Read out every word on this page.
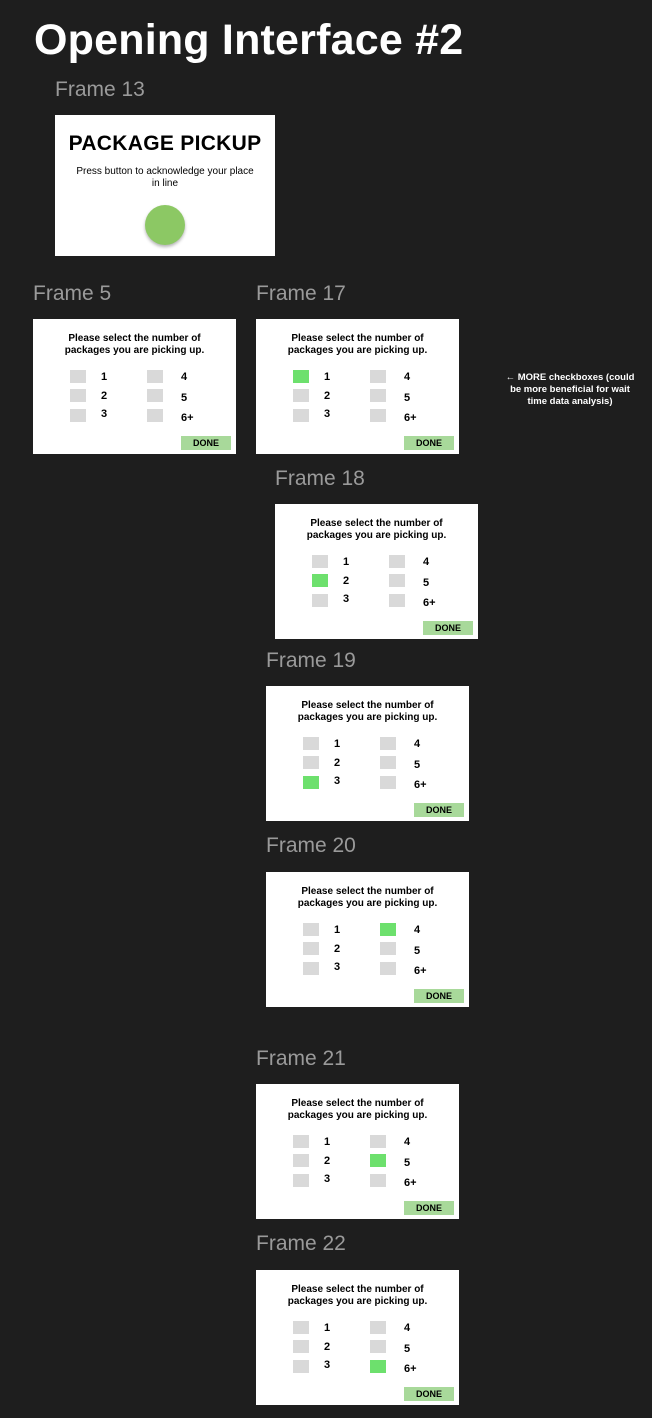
Opening Interface #2
Frame 13
PACKAGE PICKUP
Press button to acknowledge your place in line
← MORE checkboxes (could be more beneficial for wait time data analysis)
Frame 5
Please select the number of packages you are picking up.
1
2
3
4
5
6+
DONE
Frame 17
Please select the number of packages you are picking up.
1
2
3
4
5
6+
DONE
Frame 18
Please select the number of packages you are picking up.
1
2
3
4
5
6+
DONE
Frame 19
Please select the number of packages you are picking up.
1
2
3
4
5
6+
DONE
Frame 20
Please select the number of packages you are picking up.
1
2
3
4
5
6+
DONE
Frame 21
Please select the number of packages you are picking up.
1
2
3
4
5
6+
DONE
Frame 22
Please select the number of packages you are picking up.
1
2
3
4
5
6+
DONE
